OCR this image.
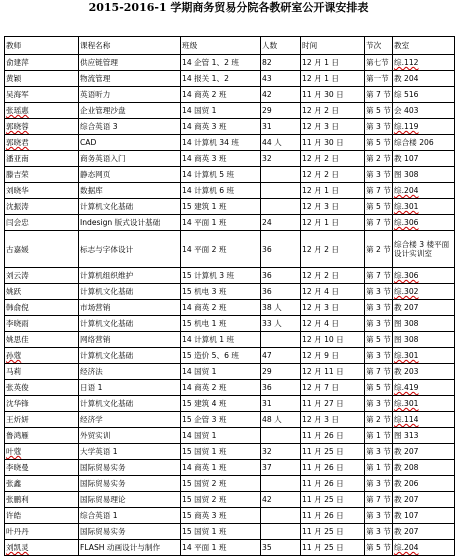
2015-2016-1 学期商务贸易分院各教研室公开课安排表
教师	课程名称	班级	人数	时间	节次	教室
俞建萍	供应链管理	14 企管 1、2 班	82	12 月 1 日	第七节	综.112
黄颖	物流管理	14 报关 1、2	43	12 月 1 日	第一节	教 204
吴海军	英语听力	14 商英 2 班	42	11 月 30 日	第 7 节	综 516
张瑶惠	企业管理沙盘	14 国贸 1	29	12 月 2 日	第 5 节	会 403
郭晓蓉	综合英语 3	14 商英 3 班	31	12 月 3 日	第 3 节	综.119
郭晓君	CAD	14 计算机 34 班	44 人	11 月 30 日	第 5 节	综合楼 206
潘亚南	商务英语入门	14 商英 3 班	32	12 月 2 日	第 2 节	教 107
滕吉荣	静态网页	14 计算机 5 班		12 月 2 日	第 3 节	图 308
刘晓华	数据库	14 计算机 6 班		12 月 1 日	第 7 节	综.204
沈振涛	计算机文化基础	15 建筑 1 班		12 月 3 日	第 5 节	综.301
闫会忠	Indesign 版式设计基础	14 平面 1 班	24	12 月 1 日	第 7 节	综.306
古嘉媛	标志与字体设计	14 平面 2 班	36	12 月 2 日	第 2 节	综合楼 3 楼平面设计实训室
刘云涛	计算机组织维护	15 计算机 3 班	36	12 月 2 日	第 7 节	综.306
姚跃	计算机文化基础	15 机电 3 班	36	12 月 4 日	第 3 节	综.302
韩俞倪	市场营销	14 商英 2 班	38 人	12 月 3 日	第 3 节	教 207
李晓雨	计算机文化基础	15 机电 1 班	33 人	12 月 4 日	第 3 节	图 308
姚思佳	网络营销	14 计算机 1 班		12 月 10 日	第 5 节	图 308
孙蔻	计算机文化基础	15 造价 5、6 班	47	12 月 9 日	第 3 节	综.301
马莉	经济法	14 国贸 1	29	12 月 11 日	第 7 节	教 203
张英俊	日语 1	14 商英 2 班	36	12 月 7 日	第 5 节	综.419
沈华锋	计算机文化基础	15 建筑 4 班	31	11 月 27 日	第 3 节	综.301
王炘妍	经济学	15 企管 3 班	48 人	12 月 3 日	第 2 节	综.114
鲁鸿雁	外贸实训	14 国贸 1		11 月 26 日	第 1 节	图 313
叶蔻	大学英语 1	15 国贸 1 班	32	11 月 25 日	第 3 节	教 207
李晓曼	国际贸易实务	14 商英 1 班	37	11 月 26 日	第 1 节	教 208
张鑫	国际贸易实务	15 国贸 2 班		11 月 26 日	第 3 节	教 206
张鹏利	国际贸易理论	15 国贸 2 班	42	11 月 25 日	第 7 节	教 207
许皓	综合英语 1	15 商英 3 班		11 月 26 日	第 3 节	教 107
叶丹丹	国际贸易实务	15 国贸 1 班		11 月 25 日	第 3 节	教 207
刘凯灵	FLASH 动画设计与制作	14 平面 1 班	35	11 月 25 日	第 5 节	综.204
